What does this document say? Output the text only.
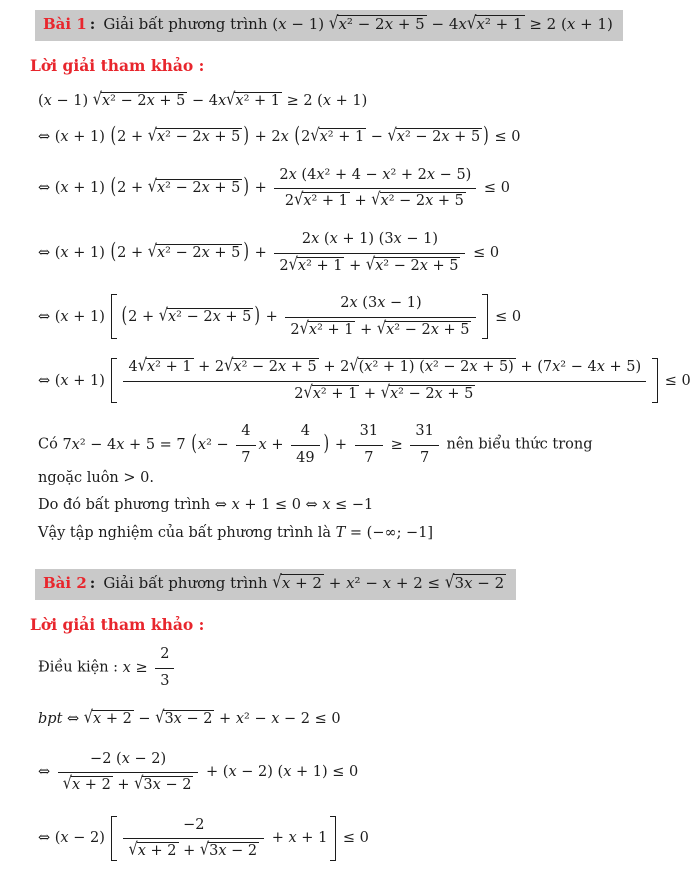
Bài 1 : Giải bất phương trình (x − 1) √x² − 2x + 5 − 4x√x² + 1 ≥ 2 (x + 1)
Lời giải tham khảo :
(x − 1) √x² − 2x + 5 − 4x√x² + 1 ≥ 2 (x + 1)
⇔ (x + 1) (2 + √x² − 2x + 5 ) + 2x (2√x² + 1 − √x² − 2x + 5 ) ≤ 0
⇔ (x + 1) (2 + √x² − 2x + 5 ) + $\frac{\text{2x (4x² + 4 − x² + 2x − 5)}}{\text{2√x² + 1 + √x² − 2x + 5}} \le 0$
⇔ (x + 1) (2 + √x² − 2x + 5 ) + $\frac{2x (x + 1) (3x - 1)}{\text{2√x² + 1 + √x² − 2x + 5}} \le 0$
⇔ (x + 1) (2 + √x² − 2x + 5 ) + $\frac{2x (3x - 1)}{\text{2√x² + 1 + √x² − 2x + 5}} \le 0$
⇔ (x + 1)
4√x² + 1 + 2√x² − 2x + 5 + 2√(x² + 1) (x² − 2x + 5) + (7x² − 4x + 5)
2√x² + 1 + √x² − 2x + 5
≤ 0
Có 7x² − 4x + 5 = 7 ($x^2 - \frac{4}{7}$ $x + \frac{4}{49}$ ) + $\frac{31}{7} \ge \frac{31}{7}$ nên biểu thức trong ngoặc luôn > 0.
Do đó bất phương trình ⇔ x + 1 ≤ 0 ⇔ x ≤ −1
Vậy tập nghiệm của bất phương trình là T = (−∞; −1]
Bài 2 : Giải bất phương trình √x + 2 + x² − x + 2 ≤ √3x − 2
Lời giải tham khảo :
Điều kiện : $x \ge \frac{2}{3}$
bpt ⇔ √x + 2 − √3x − 2 + x² − x − 2 ≤ 0
⇔ $\frac{-2 (x - 2)}{√x + 2 + √3x - 2} + (x - 2) (x + 1) \le 0$
⇔ $(x - 2) \frac{-2}{√x + 2 + √3x - 2} + x + 1 \le 0$
